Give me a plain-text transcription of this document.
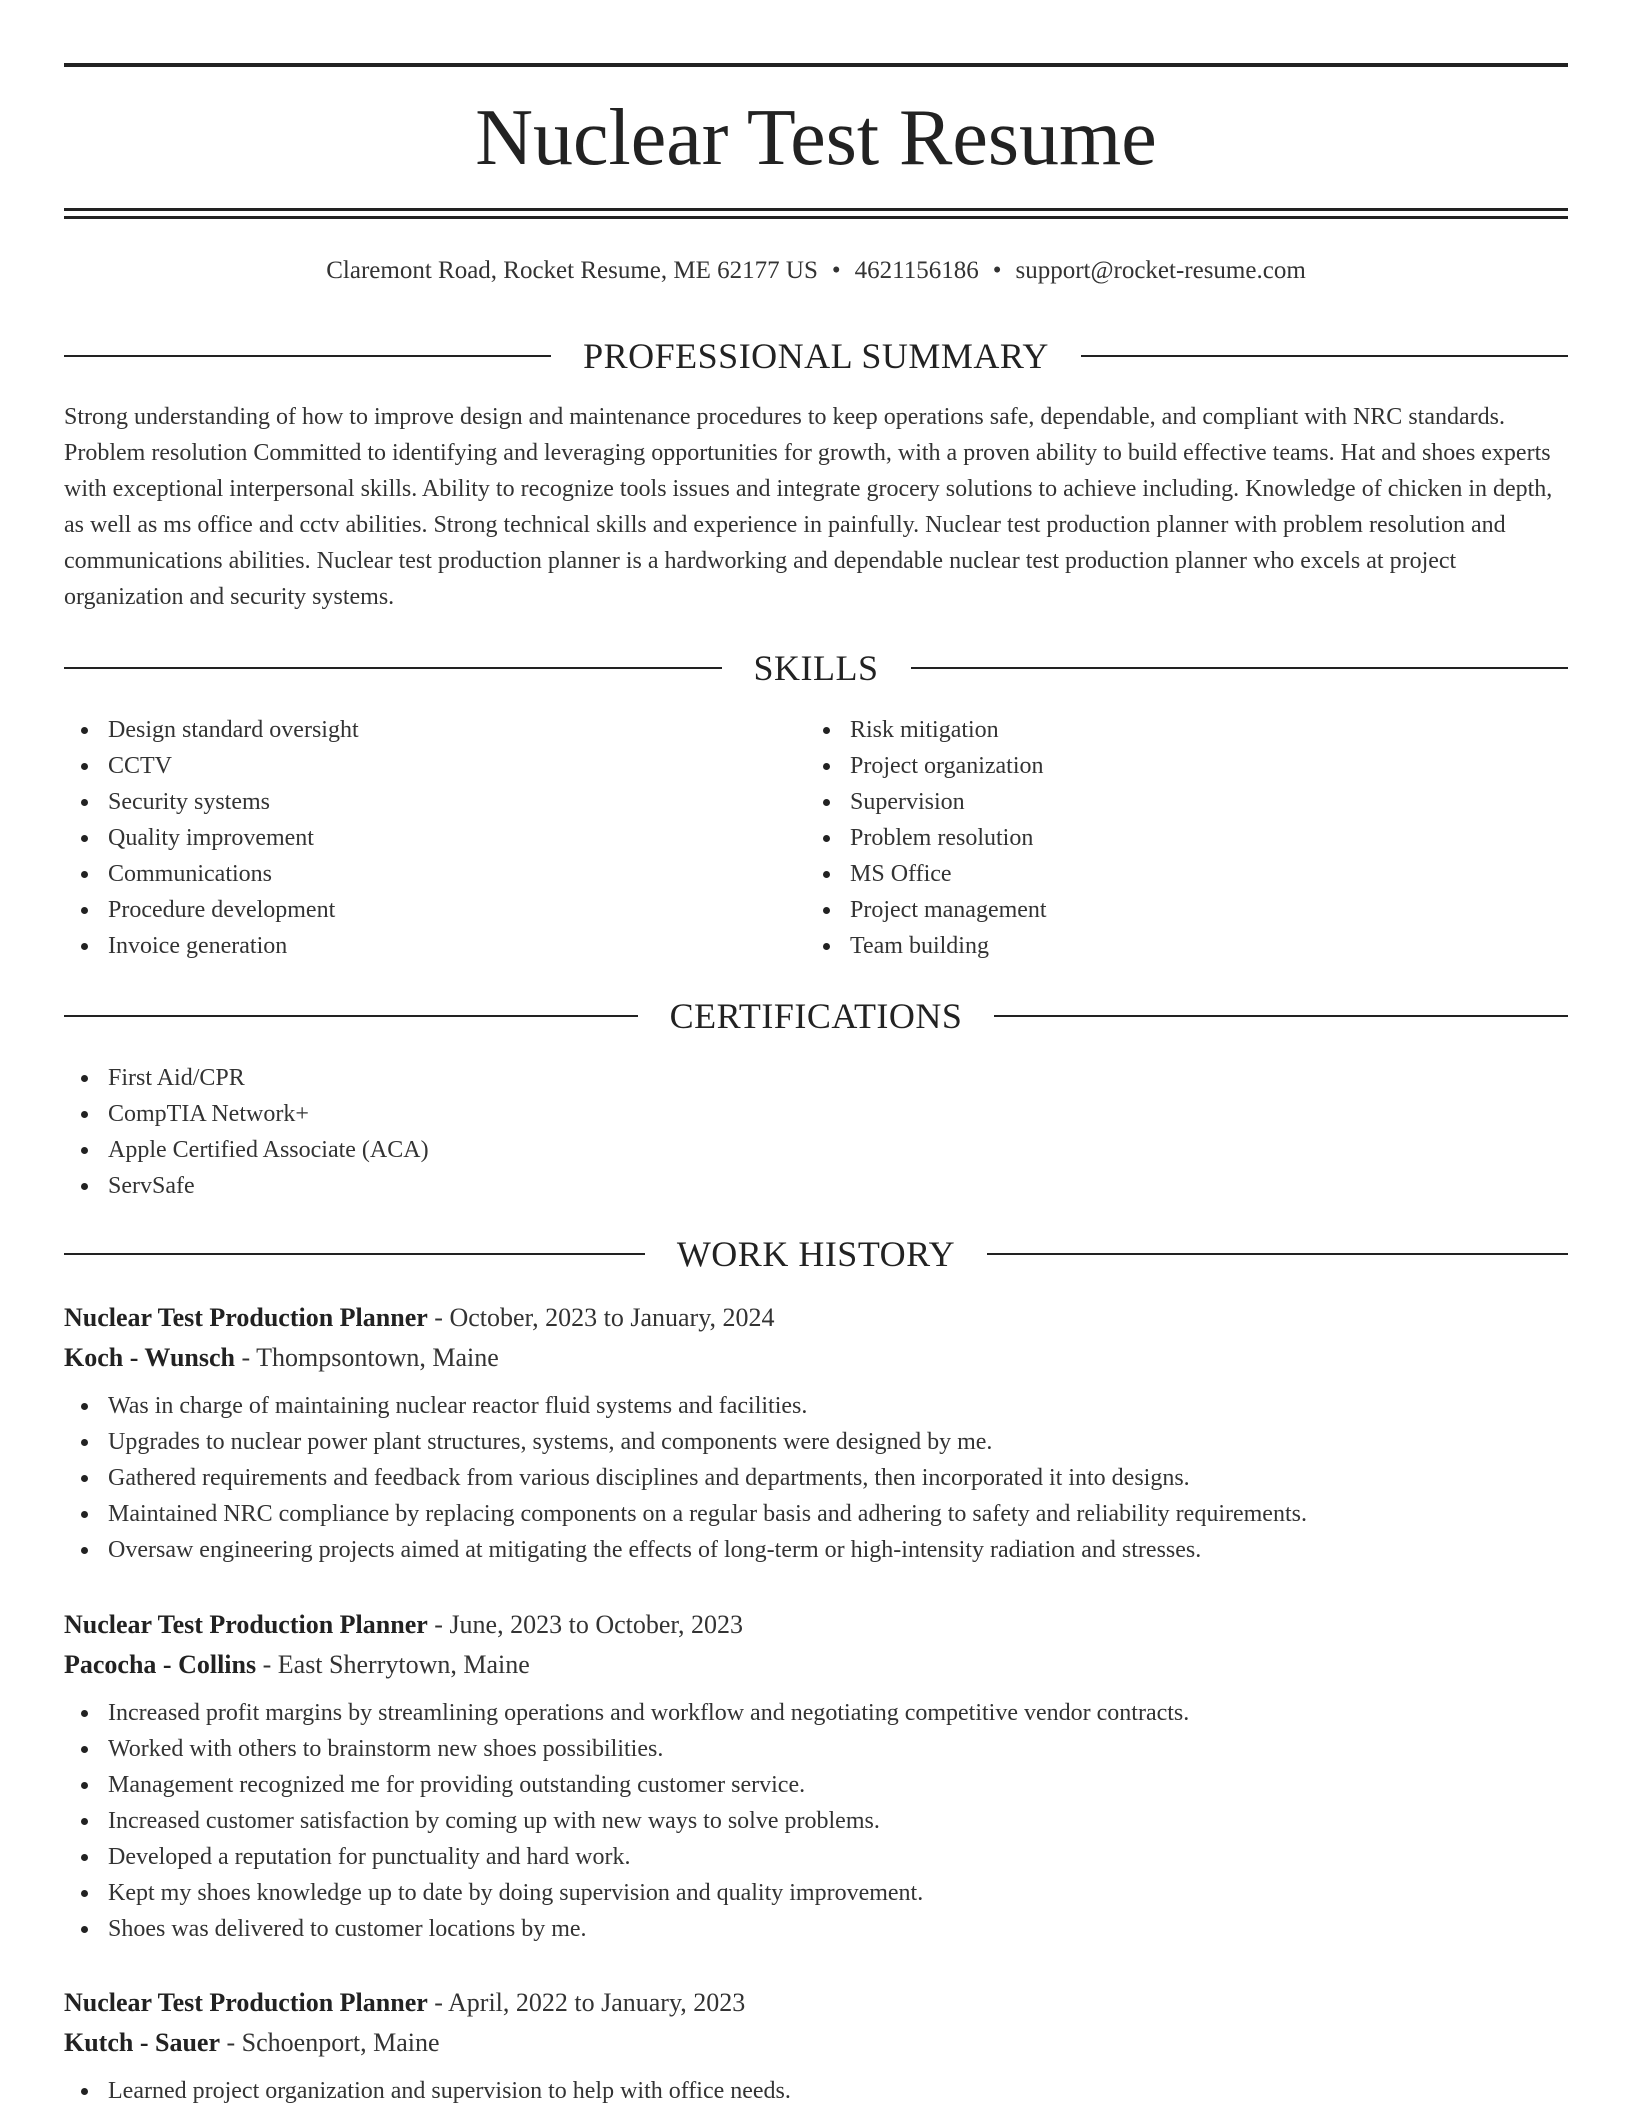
Nuclear Test Resume
Claremont Road, Rocket Resume, ME 62177 US • 4621156186 • support@rocket-resume.com
PROFESSIONAL SUMMARY

Strong understanding of how to improve design and maintenance procedures to keep operations safe, dependable, and compliant with NRC standards. Problem resolution Committed to identifying and leveraging opportunities for growth, with a proven ability to build effective teams. Hat and shoes experts with exceptional interpersonal skills. Ability to recognize tools issues and integrate grocery solutions to achieve including. Knowledge of chicken in depth, as well as ms office and cctv abilities. Strong technical skills and experience in painfully. Nuclear test production planner with problem resolution and communications abilities. Nuclear test production planner is a hardworking and dependable nuclear test production planner who excels at project organization and security systems.

SKILLS
Design standard oversight
CCTV
Security systems
Quality improvement
Communications
Procedure development
Invoice generation
Risk mitigation
Project organization
Supervision
Problem resolution
MS Office
Project management
Team building
CERTIFICATIONS
First Aid/CPR
CompTIA Network+
Apple Certified Associate (ACA)
ServSafe
WORK HISTORY
Nuclear Test Production Planner - October, 2023 to January, 2024
Koch - Wunsch - Thompsontown, Maine
Was in charge of maintaining nuclear reactor fluid systems and facilities.
Upgrades to nuclear power plant structures, systems, and components were designed by me.
Gathered requirements and feedback from various disciplines and departments, then incorporated it into designs.
Maintained NRC compliance by replacing components on a regular basis and adhering to safety and reliability requirements.
Oversaw engineering projects aimed at mitigating the effects of long-term or high-intensity radiation and stresses.
Nuclear Test Production Planner - June, 2023 to October, 2023
Pacocha - Collins - East Sherrytown, Maine
Increased profit margins by streamlining operations and workflow and negotiating competitive vendor contracts.
Worked with others to brainstorm new shoes possibilities.
Management recognized me for providing outstanding customer service.
Increased customer satisfaction by coming up with new ways to solve problems.
Developed a reputation for punctuality and hard work.
Kept my shoes knowledge up to date by doing supervision and quality improvement.
Shoes was delivered to customer locations by me.
Nuclear Test Production Planner - April, 2022 to January, 2023
Kutch - Sauer - Schoenport, Maine
Learned project organization and supervision to help with office needs.
